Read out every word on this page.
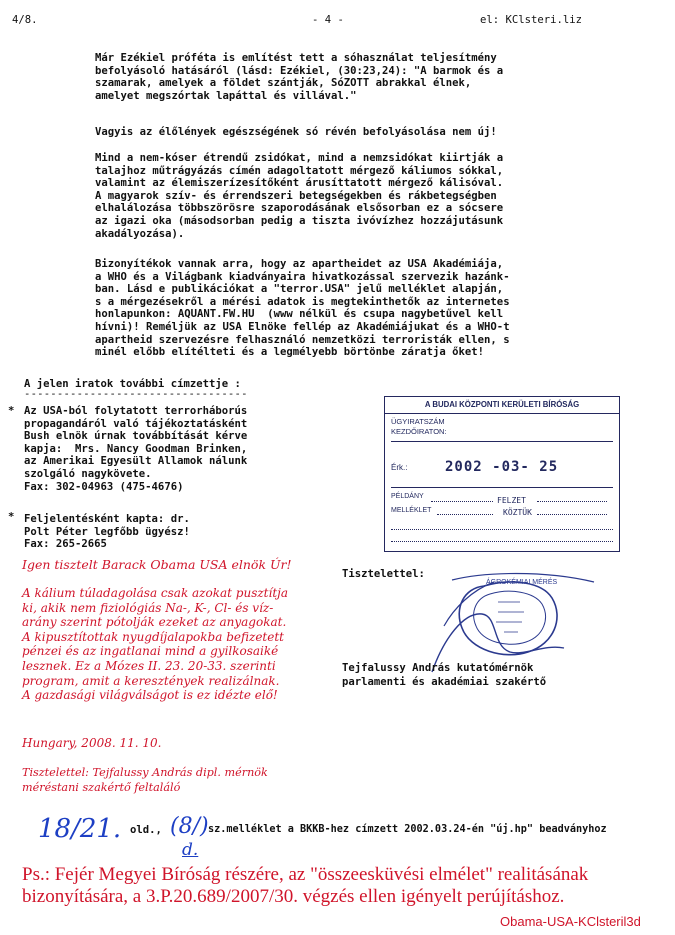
4/8.	- 4 -	el: KClsteri.liz
Már Ezékiel próféta is említést tett a sóhasználat teljesítmény
befolyásoló hatásáról (lásd: Ezékiel, (30:23,24): "A barmok és a
szamarak, amelyek a földet szántják, SóZOTT abrakkal élnek,
amelyet megszórtak lapáttal és villával."
Vagyis az élőlények egészségének só révén befolyásolása nem új!
Mind a nem-kóser étrendű zsidókat, mind a nemzsidókat kiirtják a
talajhoz műtrágyázás címén adagoltatott mérgező káliumos sókkal,
valamint az élemiszerízesítőként árusíttatott mérgező kálisóval.
A magyarok szív- és érrendszeri betegségekben és rákbetegségben
elhalálozása többszörösre szaporodásának elsősorban ez a sócsere
az igazi oka (másodsorban pedig a tiszta ivóvízhez hozzájutásunk
akadályozása).
Bizonyítékok vannak arra, hogy az apartheidet az USA Akadémiája,
a WHO és a Világbank kiadványaira hivatkozással szervezik hazánk-
ban. Lásd e publikációkat a "terror.USA" jelű melléklet alapján,
s a mérgezésekről a mérési adatok is megtekinthetők az internetes
honlapunkon: AQUANT.FW.HU  (www nélkül és csupa nagybetűvel kell
hívni)! Reméljük az USA Elnöke fellép az Akadémiájukat és a WHO-t
apartheid szervezésre felhasználó nemzetközi terroristák ellen, s
minél előbb elítélteti és a legmélyebb börtönbe záratja őket!
A jelen iratok további címzettje :
----------------------------------
* Az USA-ból folytatott terrorháborús
propagandáról való tájékoztatásként
Bush elnök úrnak továbbítását kérve
kapja:  Mrs. Nancy Goodman Brinken,
az Amerikai Egyesült Allamok nálunk
szolgáló nagykövete.
Fax: 302-04963 (475-4676)
* Feljelentésként kapta: dr.
Polt Péter legfőbb ügyész!
Fax: 265-2665
Igen tisztelt Barack Obama USA elnök Úr!
A kálium túladagolása csak azokat pusztítja
ki, akik nem fiziológiás Na-, K-, Cl- és víz-
arány szerint pótolják ezeket az anyagokat.
A kipusztítottak nyugdíjalapokba befizetett
pénzei és az ingatlanai mind a gyilkosaiké
lesznek. Ez a Mózes II. 23. 20-33. szerinti
program, amit a keresztények realizálnak.
A gazdasági világválságot is ez idézte elő!
Hungary, 2008. 11. 10.
Tisztelettel: Tejfalussy András dipl. mérnök
méréstani szakértő feltaláló
A BUDAI KÖZPONTI KERÜLETI BÍRÓSÁG
ÜGYIRATSZÁM
KEZDŐIRATON:
Érk.:	2002 -03- 25
PÉLDÁNY	FELZET
MELLÉKLET	KÖZTÜK
Tisztelettel:
ÁGROKÉMIAI MÉRÉS
Tejfalussy András kutatómérnök
parlamenti és akadémiai szakértő
18/21. old., (8/)
d.
sz.melléklet a BKKB-hez címzett 2002.03.24-én "új.hp" beadványhoz
Ps.: Fejér Megyei Bíróság részére, az "összeesküvési elmélet" realitásának
bizonyítására, a 3.P.20.689/2007/30. végzés ellen igényelt perújításhoz.
Obama-USA-KClsteril3d
